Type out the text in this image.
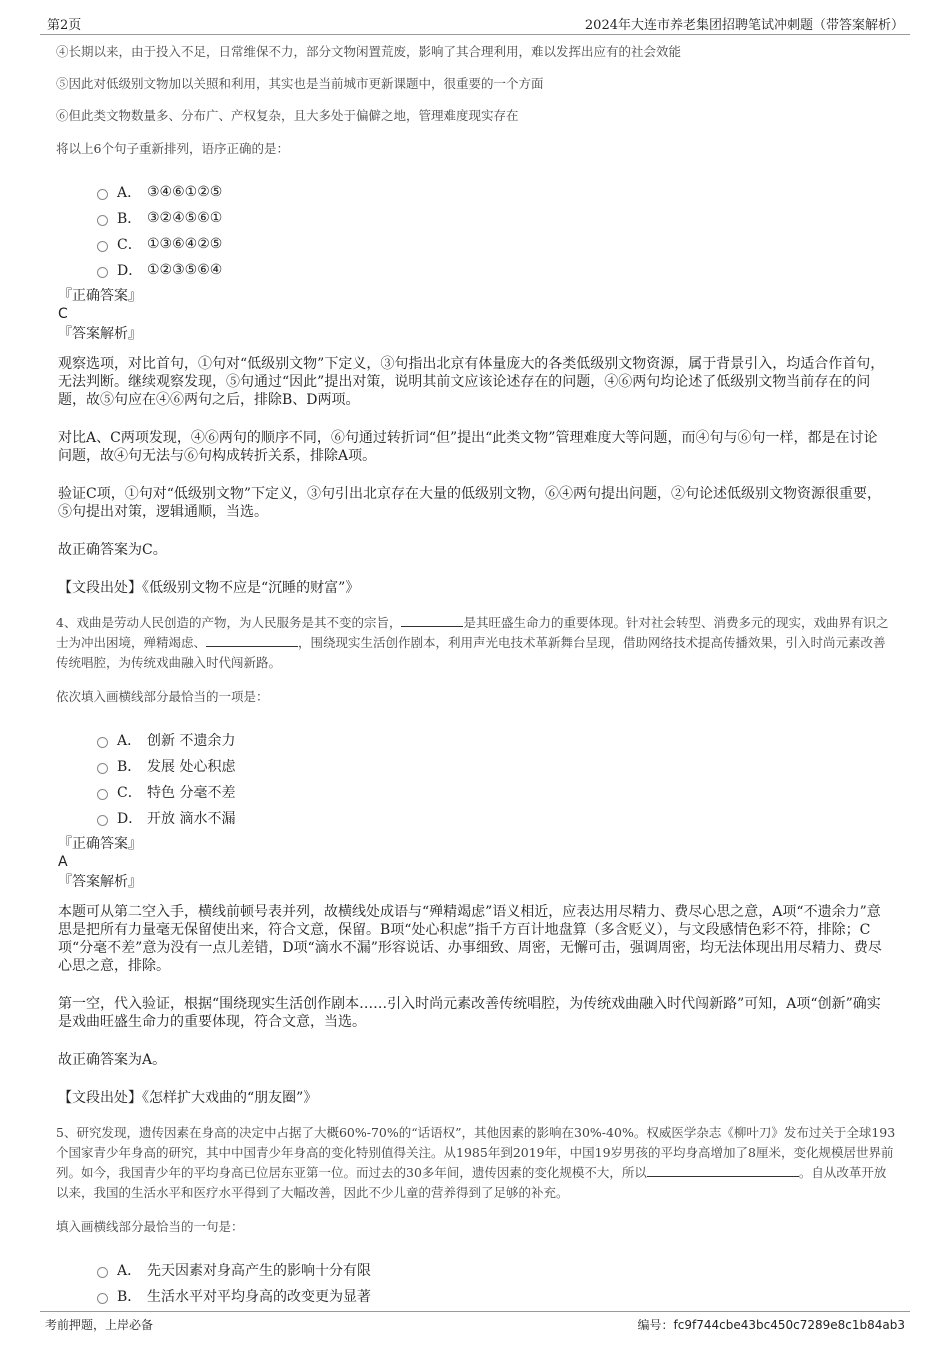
第2页	2024年大连市养老集团招聘笔试冲刺题（带答案解析）
④长期以来，由于投入不足，日常维保不力，部分文物闲置荒废，影响了其合理利用，难以发挥出应有的社会效能
⑤因此对低级别文物加以关照和利用，其实也是当前城市更新课题中，很重要的一个方面
⑥但此类文物数量多、分布广、产权复杂，且大多处于偏僻之地，管理难度现实存在
将以上6个句子重新排列，语序正确的是：
A． ③④⑥①②⑤
B． ③②④⑤⑥①
C． ①③⑥④②⑤
D． ①②③⑤⑥④
『正确答案』
C
『答案解析』
观察选项，对比首句，①句对“低级别文物”下定义，③句指出北京有体量庞大的各类低级别文物资源，属于背景引入，均适合作首句，无法判断。继续观察发现，⑤句通过“因此”提出对策，说明其前文应该论述存在的问题，④⑥两句均论述了低级别文物当前存在的问题，故⑤句应在④⑥两句之后，排除B、D两项。
对比A、C两项发现，④⑥两句的顺序不同，⑥句通过转折词“但”提出“此类文物”管理难度大等问题，而④句与⑥句一样，都是在讨论问题，故④句无法与⑥句构成转折关系，排除A项。
验证C项，①句对“低级别文物”下定义，③句引出北京存在大量的低级别文物，⑥④两句提出问题，②句论述低级别文物资源很重要，⑤句提出对策，逻辑通顺，当选。
故正确答案为C。
【文段出处】《低级别文物不应是“沉睡的财富”》
4、戏曲是劳动人民创造的产物，为人民服务是其不变的宗旨，	是其旺盛生命力的重要体现。针对社会转型、消费多元的现实，戏曲界有识之士为冲出困境，殚精竭虑、	，围绕现实生活创作剧本，利用声光电技术革新舞台呈现，借助网络技术提高传播效果，引入时尚元素改善传统唱腔，为传统戏曲融入时代闯新路。
依次填入画横线部分最恰当的一项是：
A． 创新 不遗余力
B． 发展 处心积虑
C． 特色 分毫不差
D． 开放 滴水不漏
『正确答案』
A
『答案解析』
本题可从第二空入手，横线前顿号表并列，故横线处成语与“殚精竭虑”语义相近，应表达用尽精力、费尽心思之意，A项“不遗余力”意思是把所有力量毫无保留使出来，符合文意，保留。B项“处心积虑”指千方百计地盘算（多含贬义），与文段感情色彩不符，排除；C项“分毫不差”意为没有一点儿差错，D项“滴水不漏”形容说话、办事细致、周密，无懈可击，强调周密，均无法体现出用尽精力、费尽心思之意，排除。
第一空，代入验证，根据“围绕现实生活创作剧本……引入时尚元素改善传统唱腔，为传统戏曲融入时代闯新路”可知，A项“创新”确实是戏曲旺盛生命力的重要体现，符合文意，当选。
故正确答案为A。
【文段出处】《怎样扩大戏曲的“朋友圈”》
5、研究发现，遗传因素在身高的决定中占据了大概60%-70%的“话语权”，其他因素的影响在30%-40%。权威医学杂志《柳叶刀》发布过关于全球193个国家青少年身高的研究，其中中国青少年身高的变化特别值得关注。从1985年到2019年，中国19岁男孩的平均身高增加了8厘米，变化规模居世界前列。如今，我国青少年的平均身高已位居东亚第一位。而过去的30多年间，遗传因素的变化规模不大，所以	。自从改革开放以来，我国的生活水平和医疗水平得到了大幅改善，因此不少儿童的营养得到了足够的补充。
填入画横线部分最恰当的一句是：
A． 先天因素对身高产生的影响十分有限
B． 生活水平对平均身高的改变更为显著
考前押题，上岸必备	编号：fc9f744cbe43bc450c7289e8c1b84ab3
